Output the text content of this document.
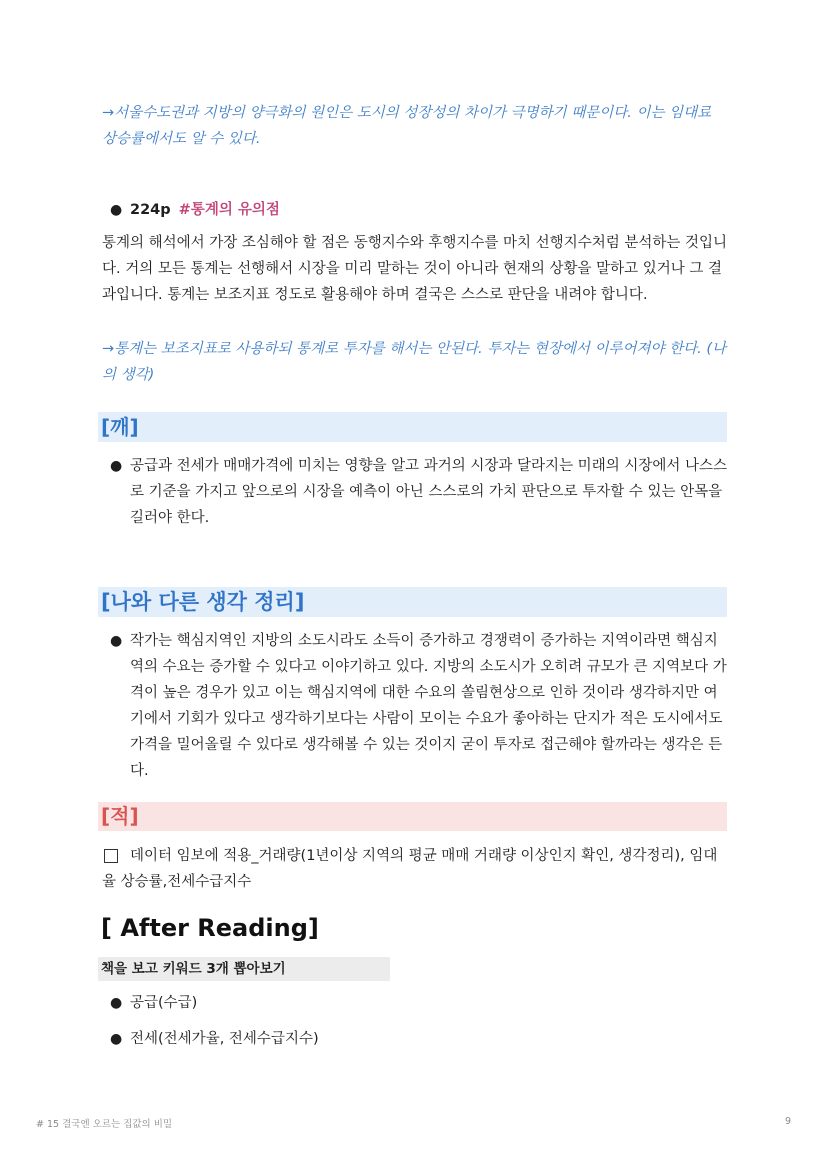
→서울수도권과 지방의 양극화의 원인은 도시의 성장성의 차이가 극명하기 때문이다. 이는 임대료 상승률에서도 알 수 있다.

● 224p #통계의 유의점

통계의 해석에서 가장 조심해야 할 점은 동행지수와 후행지수를 마치 선행지수처럼 분석하는 것입니다. 거의 모든 통계는 선행해서 시장을 미리 말하는 것이 아니라 현재의 상황을 말하고 있거나 그 결과입니다. 통계는 보조지표 정도로 활용해야 하며 결국은 스스로 판단을 내려야 합니다.

→통계는 보조지표로 사용하되 통계로 투자를 해서는 안된다. 투자는 현장에서 이루어져야 한다. (나의 생각)

[깨]
● 공급과 전세가 매매가격에 미치는 영향을 알고 과거의 시장과 달라지는 미래의 시장에서 나스스로 기준을 가지고 앞으로의 시장을 예측이 아닌 스스로의 가치 판단으로 투자할 수 있는 안목을 길러야 한다.
[나와 다른 생각 정리]
● 작가는 핵심지역인 지방의 소도시라도 소득이 증가하고 경쟁력이 증가하는 지역이라면 핵심지역의 수요는 증가할 수 있다고 이야기하고 있다. 지방의 소도시가 오히려 규모가 큰 지역보다 가격이 높은 경우가 있고 이는 핵심지역에 대한 수요의 쏠림현상으로 인하 것이라 생각하지만 여기에서 기회가 있다고 생각하기보다는 사람이 모이는 수요가 좋아하는 단지가 적은 도시에서도 가격을 밀어올릴 수 있다로 생각해볼 수 있는 것이지 굳이 투자로 접근해야 할까라는 생각은 든다.
[적]
데이터 임보에 적용_거래량(1년이상 지역의 평균 매매 거래량 이상인지 확인, 생각정리), 임대율 상승률,전세수급지수
[ After Reading]
책을 보고 키워드 3개 뽑아보기
● 공급(수급)
● 전세(전세가율, 전세수급지수)
# 15 결국엔 오르는 집값의 비밀	9
